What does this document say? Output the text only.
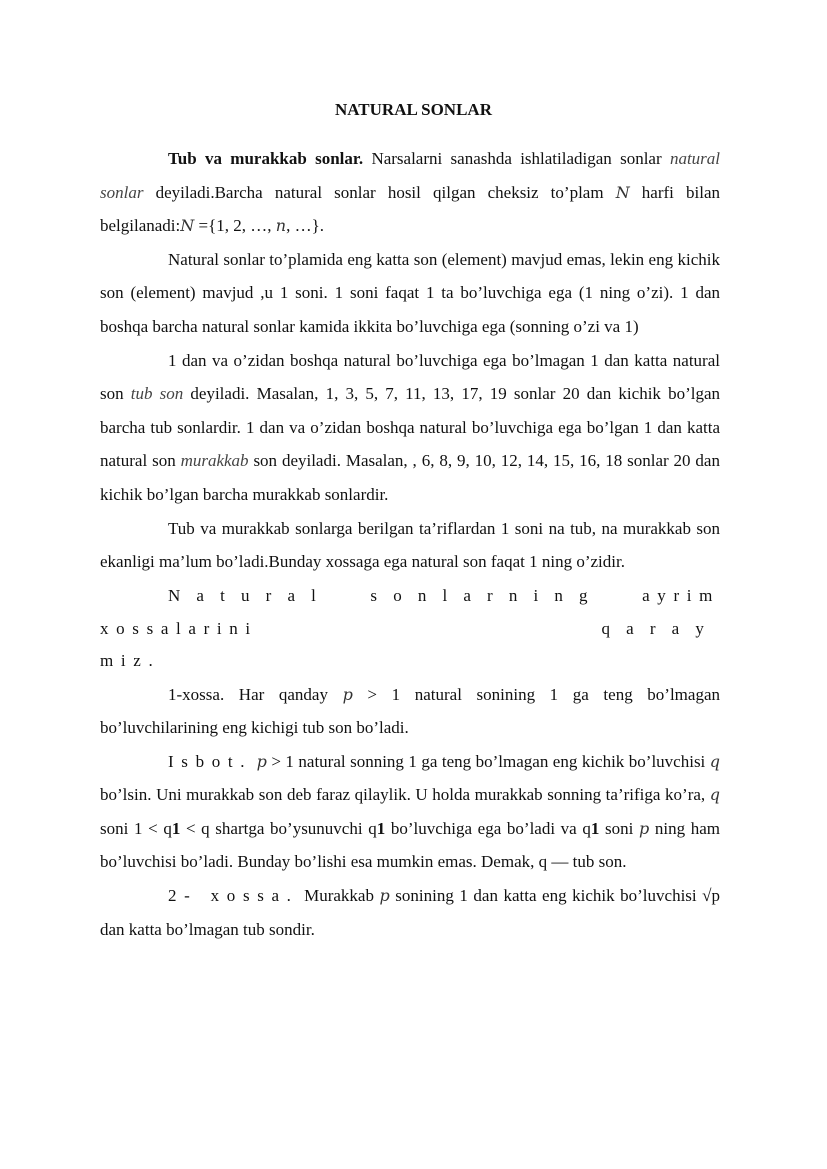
NATURAL SONLAR

Tub va murakkab sonlar. Narsalarni sanashda ishlatiladigan sonlar natural sonlar deyiladi.Barcha natural sonlar hosil qilgan cheksiz to’plam N harfi bilan belgilanadi:N ={1, 2, …, n, …}.

Natural sonlar to’plamida eng katta son (element) mavjud emas, lekin eng kichik son (element) mavjud ,u 1 soni. 1 soni faqat 1 ta bo’luvchiga ega (1 ning o’zi). 1 dan boshqa barcha natural sonlar kamida ikkita bo’luvchiga ega (sonning o’zi va 1)

1 dan va o’zidan boshqa natural bo’luvchiga ega bo’lmagan 1 dan katta natural son tub son deyiladi. Masalan, 1, 3, 5, 7, 11, 13, 17, 19 sonlar 20 dan kichik bo’lgan barcha tub sonlardir. 1 dan va o’zidan boshqa natural bo’luvchiga ega bo’lgan 1 dan katta natural son murakkab son deyiladi. Masalan, , 6, 8, 9, 10, 12, 14, 15, 16, 18 sonlar 20 dan kichik bo’lgan barcha murakkab sonlardir.

Tub va murakkab sonlarga berilgan ta’riflardan 1 soni na tub, na murakkab son ekanligi ma’lum bo’ladi.Bunday xossaga ega natural son faqat 1 ning o’zidir.

Natural sonlarning ayrim xossalarini	qaray

miz.

1-xossa. Har qanday p > 1 natural sonining 1 ga teng bo’lmagan bo’luvchilarining eng kichigi tub son bo’ladi.

Isbot. p > 1 natural sonning 1 ga teng bo’lmagan eng kichik bo’luvchisi q bo’lsin. Uni murakkab son deb faraz qilaylik. U holda murakkab sonning ta’rifiga ko’ra, q soni 1 < q1 < q shartga bo’ysunuvchi q1 bo’luvchiga ega bo’ladi va q1 soni p ning ham bo’luvchisi bo’ladi. Bunday bo’lishi esa mumkin emas. Demak, q — tub son.

2- xossa. Murakkab p sonining 1 dan katta eng kichik bo’luvchisi √p dan katta bo’lmagan tub sondir.
